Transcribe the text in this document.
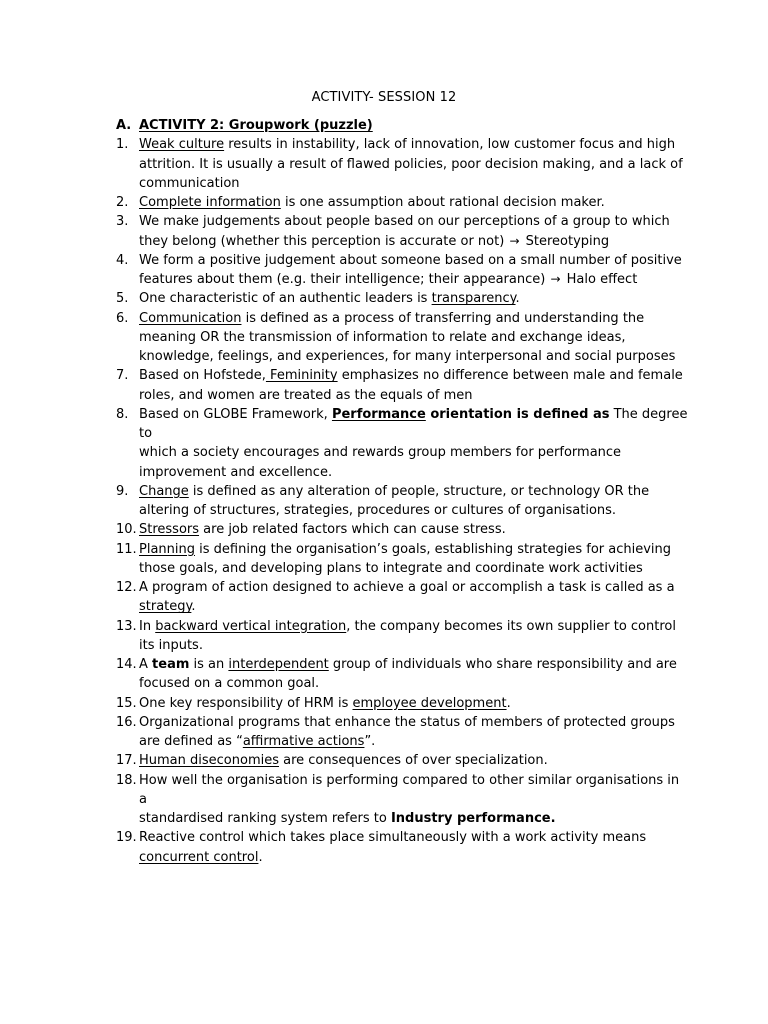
ACTIVITY- SESSION 12
A. ACTIVITY 2: Groupwork (puzzle)
1. Weak culture results in instability, lack of innovation, low customer focus and high
attrition. It is usually a result of flawed policies, poor decision making, and a lack of
communication
2. Complete information is one assumption about rational decision maker.
3. We make judgements about people based on our perceptions of a group to which
they belong (whether this perception is accurate or not) → Stereotyping
4. We form a positive judgement about someone based on a small number of positive
features about them (e.g. their intelligence; their appearance) → Halo effect
5. One characteristic of an authentic leaders is transparency.
6. Communication is defined as a process of transferring and understanding the
meaning OR the transmission of information to relate and exchange ideas,
knowledge, feelings, and experiences, for many interpersonal and social purposes
7. Based on Hofstede, Femininity emphasizes no difference between male and female
roles, and women are treated as the equals of men
8. Based on GLOBE Framework, Performance orientation is defined as The degree to
which a society encourages and rewards group members for performance
improvement and excellence.
9. Change is defined as any alteration of people, structure, or technology OR the
altering of structures, strategies, procedures or cultures of organisations.
10. Stressors are job related factors which can cause stress.
11. Planning is defining the organisation’s goals, establishing strategies for achieving
those goals, and developing plans to integrate and coordinate work activities
12. A program of action designed to achieve a goal or accomplish a task is called as a
strategy.
13. In backward vertical integration, the company becomes its own supplier to control
its inputs.
14. A team is an interdependent group of individuals who share responsibility and are
focused on a common goal.
15. One key responsibility of HRM is employee development.
16. Organizational programs that enhance the status of members of protected groups
are defined as “affirmative actions”.
17. Human diseconomies are consequences of over specialization.
18. How well the organisation is performing compared to other similar organisations in a
standardised ranking system refers to Industry performance.
19. Reactive control which takes place simultaneously with a work activity means
concurrent control.
